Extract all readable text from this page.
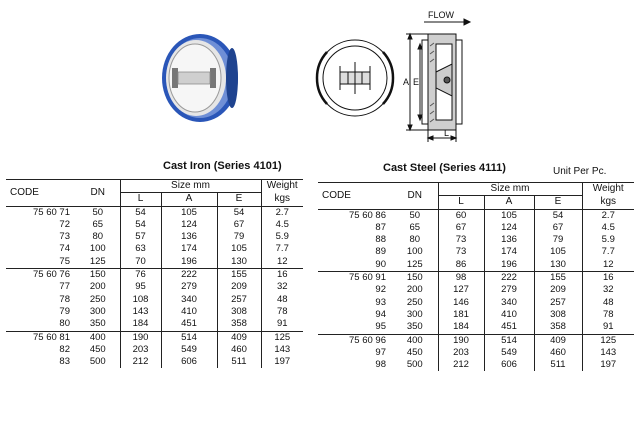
FLOW
A E
L
Cast Iron (Series 4101)	Cast Steel (Series 4111)	Unit Per Pc.
CODE	DN	Size mm			Weight
		L	A	E	kgs
75 60 71	50	54	105	54	2.7
72	65	54	124	67	4.5
73	80	57	136	79	5.9
74	100	63	174	105	7.7
75	125	70	196	130	12
75 60 76	150	76	222	155	16
77	200	95	279	209	32
78	250	108	340	257	48
79	300	143	410	308	78
80	350	184	451	358	91
75 60 81	400	190	514	409	125
82	450	203	549	460	143
83	500	212	606	511	197
CODE	DN	Size mm			Weight
		L	A	E	kgs
75 60 86	50	60	105	54	2.7
87	65	67	124	67	4.5
88	80	73	136	79	5.9
89	100	73	174	105	7.7
90	125	86	196	130	12
75 60 91	150	98	222	155	16
92	200	127	279	209	32
93	250	146	340	257	48
94	300	181	410	308	78
95	350	184	451	358	91
75 60 96	400	190	514	409	125
97	450	203	549	460	143
98	500	212	606	511	197
